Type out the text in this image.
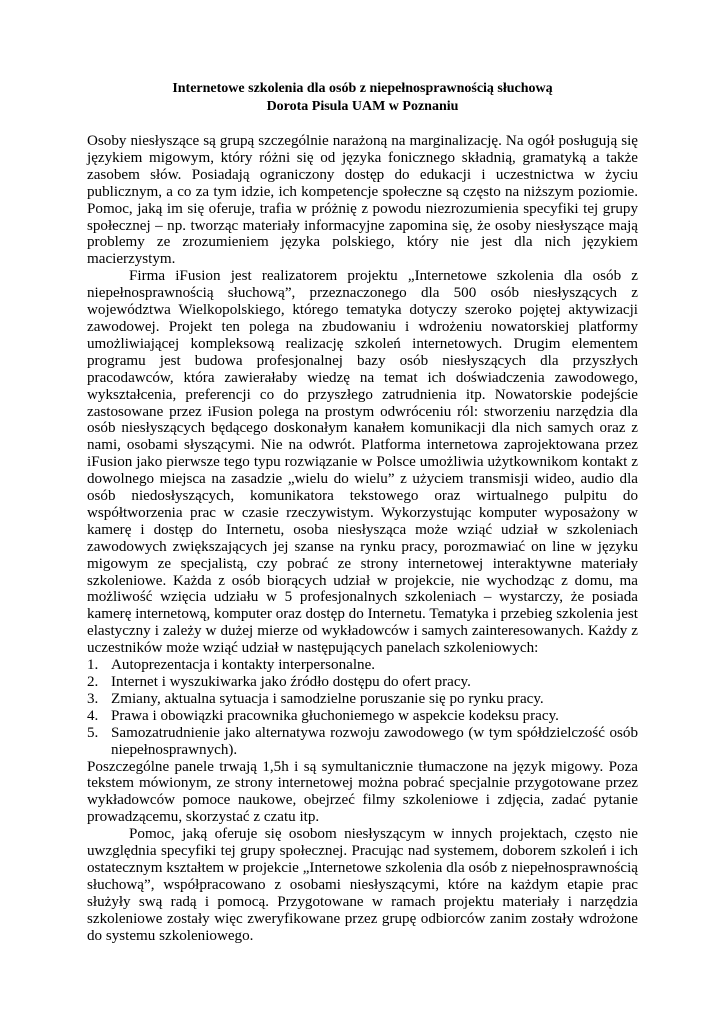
Internetowe szkolenia dla osób z niepełnosprawnością słuchową

Dorota Pisula UAM w Poznaniu

Osoby niesłyszące są grupą szczególnie narażoną na marginalizację. Na ogół posługują się językiem migowym, który różni się od języka fonicznego składnią, gramatyką a także zasobem słów. Posiadają ograniczony dostęp do edukacji i uczestnictwa w życiu publicznym, a co za tym idzie, ich kompetencje społeczne są często na niższym poziomie. Pomoc, jaką im się oferuje, trafia w próżnię z powodu niezrozumienia specyfiki tej grupy społecznej – np. tworząc materiały informacyjne zapomina się, że osoby niesłyszące mają problemy ze zrozumieniem języka polskiego, który nie jest dla nich językiem macierzystym.

Firma iFusion jest realizatorem projektu „Internetowe szkolenia dla osób z niepełnosprawnością słuchową”, przeznaczonego dla 500 osób niesłyszących z województwa Wielkopolskiego, którego tematyka dotyczy szeroko pojętej aktywizacji zawodowej. Projekt ten polega na zbudowaniu i wdrożeniu nowatorskiej platformy umożliwiającej kompleksową realizację szkoleń internetowych. Drugim elementem programu jest budowa profesjonalnej bazy osób niesłyszących dla przyszłych pracodawców, która zawierałaby wiedzę na temat ich doświadczenia zawodowego, wykształcenia, preferencji co do przyszłego zatrudnienia itp. Nowatorskie podejście zastosowane przez iFusion polega na prostym odwróceniu ról: stworzeniu narzędzia dla osób niesłyszących będącego doskonałym kanałem komunikacji dla nich samych oraz z nami, osobami słyszącymi. Nie na odwrót. Platforma internetowa zaprojektowana przez iFusion jako pierwsze tego typu rozwiązanie w Polsce umożliwia użytkownikom kontakt z dowolnego miejsca na zasadzie „wielu do wielu” z użyciem transmisji wideo, audio dla osób niedosłyszących, komunikatora tekstowego oraz wirtualnego pulpitu do współtworzenia prac w czasie rzeczywistym. Wykorzystując komputer wyposażony w kamerę i dostęp do Internetu, osoba niesłysząca może wziąć udział w szkoleniach zawodowych zwiększających jej szanse na rynku pracy, porozmawiać on line w języku migowym ze specjalistą, czy pobrać ze strony internetowej interaktywne materiały szkoleniowe. Każda z osób biorących udział w projekcie, nie wychodząc z domu, ma możliwość wzięcia udziału w 5 profesjonalnych szkoleniach – wystarczy, że posiada kamerę internetową, komputer oraz dostęp do Internetu. Tematyka i przebieg szkolenia jest elastyczny i zależy w dużej mierze od wykładowców i samych zainteresowanych. Każdy z uczestników może wziąć udział w następujących panelach szkoleniowych:

1. Autoprezentacja i kontakty interpersonalne.
2. Internet i wyszukiwarka jako źródło dostępu do ofert pracy.
3. Zmiany, aktualna sytuacja i samodzielne poruszanie się po rynku pracy.
4. Prawa i obowiązki pracownika głuchoniemego w aspekcie kodeksu pracy.
5. Samozatrudnienie jako alternatywa rozwoju zawodowego (w tym spółdzielczość osób niepełnosprawnych).

Poszczególne panele trwają 1,5h i są symultanicznie tłumaczone na język migowy. Poza tekstem mówionym, ze strony internetowej można pobrać specjalnie przygotowane przez wykładowców pomoce naukowe, obejrzeć filmy szkoleniowe i zdjęcia, zadać pytanie prowadzącemu, skorzystać z czatu itp.

Pomoc, jaką oferuje się osobom niesłyszącym w innych projektach, często nie uwzględnia specyfiki tej grupy społecznej. Pracując nad systemem, doborem szkoleń i ich ostatecznym kształtem w projekcie „Internetowe szkolenia dla osób z niepełnosprawnością słuchową”, współpracowano z osobami niesłyszącymi, które na każdym etapie prac służyły swą radą i pomocą. Przygotowane w ramach projektu materiały i narzędzia szkoleniowe zostały więc zweryfikowane przez grupę odbiorców zanim zostały wdrożone do systemu szkoleniowego.
